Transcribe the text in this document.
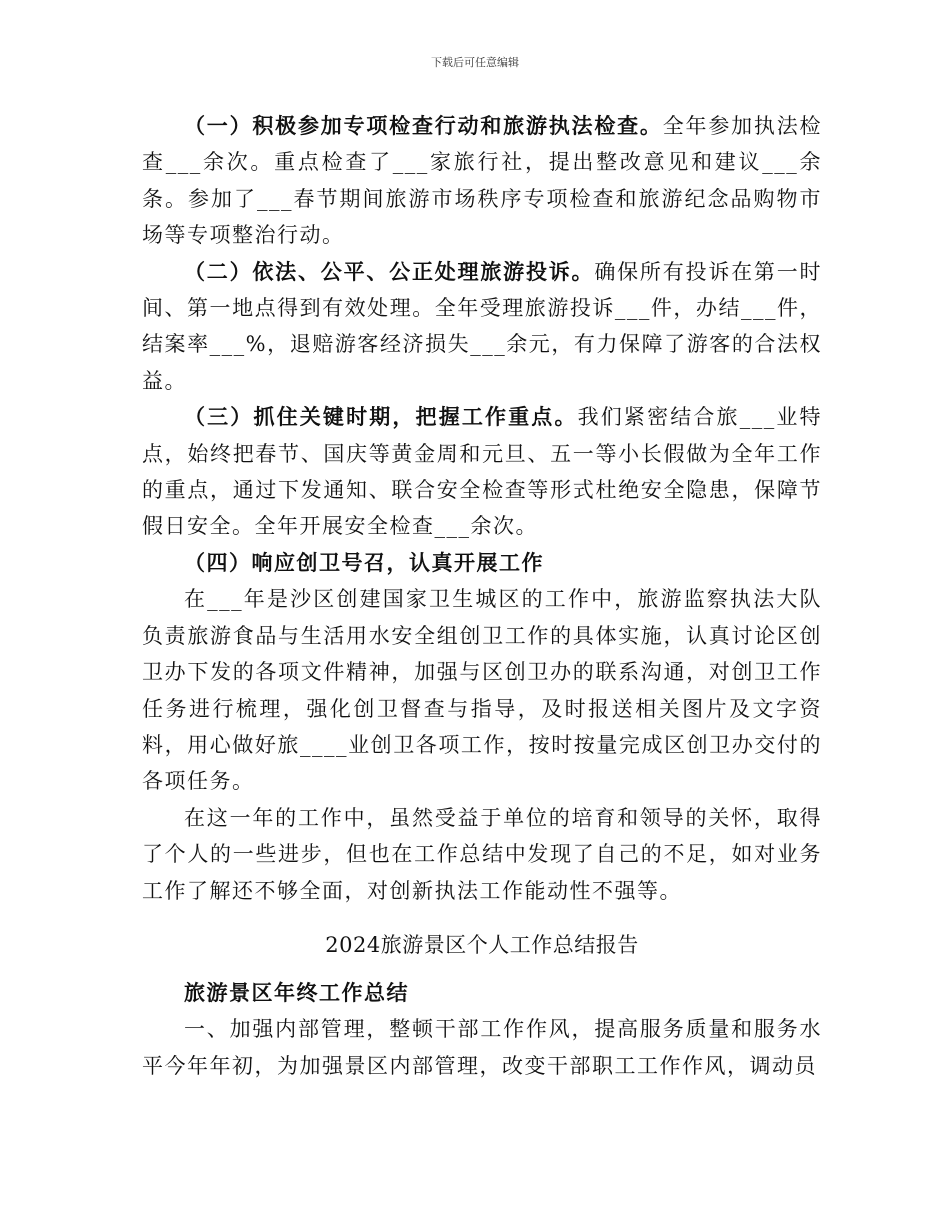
下载后可任意编辑

（一）积极参加专项检查行动和旅游执法检查。全年参加执法检查___余次。重点检查了___家旅行社，提出整改意见和建议___余条。参加了___春节期间旅游市场秩序专项检查和旅游纪念品购物市场等专项整治行动。

（二）依法、公平、公正处理旅游投诉。确保所有投诉在第一时间、第一地点得到有效处理。全年受理旅游投诉___件，办结___件，结案率___%，退赔游客经济损失___余元，有力保障了游客的合法权益。

（三）抓住关键时期，把握工作重点。我们紧密结合旅___业特点，始终把春节、国庆等黄金周和元旦、五一等小长假做为全年工作的重点，通过下发通知、联合安全检查等形式杜绝安全隐患，保障节假日安全。全年开展安全检查___余次。

（四）响应创卫号召，认真开展工作

在___年是沙区创建国家卫生城区的工作中，旅游监察执法大队负责旅游食品与生活用水安全组创卫工作的具体实施，认真讨论区创卫办下发的各项文件精神，加强与区创卫办的联系沟通，对创卫工作任务进行梳理，强化创卫督查与指导，及时报送相关图片及文字资料，用心做好旅____业创卫各项工作，按时按量完成区创卫办交付的各项任务。

在这一年的工作中，虽然受益于单位的培育和领导的关怀，取得了个人的一些进步，但也在工作总结中发现了自己的不足，如对业务工作了解还不够全面，对创新执法工作能动性不强等。

2024旅游景区个人工作总结报告

旅游景区年终工作总结

一、加强内部管理，整顿干部工作作风，提高服务质量和服务水平今年年初，为加强景区内部管理，改变干部职工工作作风，调动员
